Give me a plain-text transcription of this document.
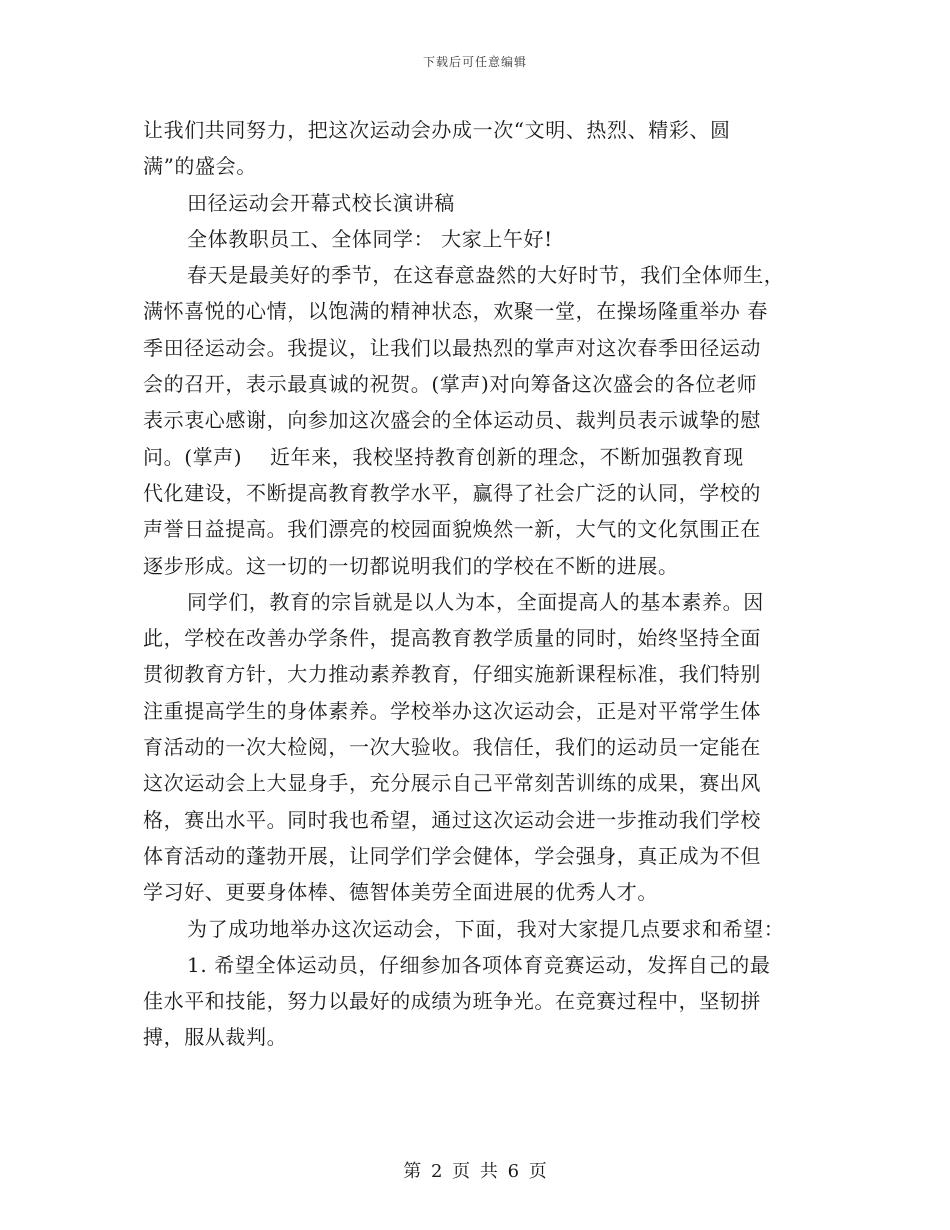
下载后可任意编辑
让我们共同努力，把这次运动会办成一次“文明、热烈、精彩、圆
满”的盛会。
田径运动会开幕式校长演讲稿
全体教职员工、全体同学： 大家上午好!
春天是最美好的季节，在这春意盎然的大好时节，我们全体师生，
满怀喜悦的心情，以饱满的精神状态，欢聚一堂，在操场隆重举办 春
季田径运动会。我提议，让我们以最热烈的掌声对这次春季田径运动
会的召开，表示最真诚的祝贺。(掌声)对向筹备这次盛会的各位老师
表示衷心感谢，向参加这次盛会的全体运动员、裁判员表示诚挚的慰
问。(掌声)    近年来，我校坚持教育创新的理念，不断加强教育现
代化建设，不断提高教育教学水平，赢得了社会广泛的认同，学校的
声誉日益提高。我们漂亮的校园面貌焕然一新，大气的文化氛围正在
逐步形成。这一切的一切都说明我们的学校在不断的进展。
同学们，教育的宗旨就是以人为本，全面提高人的基本素养。因
此，学校在改善办学条件，提高教育教学质量的同时，始终坚持全面
贯彻教育方针，大力推动素养教育，仔细实施新课程标准，我们特别
注重提高学生的身体素养。学校举办这次运动会，正是对平常学生体
育活动的一次大检阅，一次大验收。我信任，我们的运动员一定能在
这次运动会上大显身手，充分展示自己平常刻苦训练的成果，赛出风
格，赛出水平。同时我也希望，通过这次运动会进一步推动我们学校
体育活动的蓬勃开展，让同学们学会健体，学会强身，真正成为不但
学习好、更要身体棒、德智体美劳全面进展的优秀人才。
为了成功地举办这次运动会，下面，我对大家提几点要求和希望：
1. 希望全体运动员，仔细参加各项体育竞赛运动，发挥自己的最
佳水平和技能，努力以最好的成绩为班争光。在竞赛过程中，坚韧拼
搏，服从裁判。
第 2 页 共 6 页
